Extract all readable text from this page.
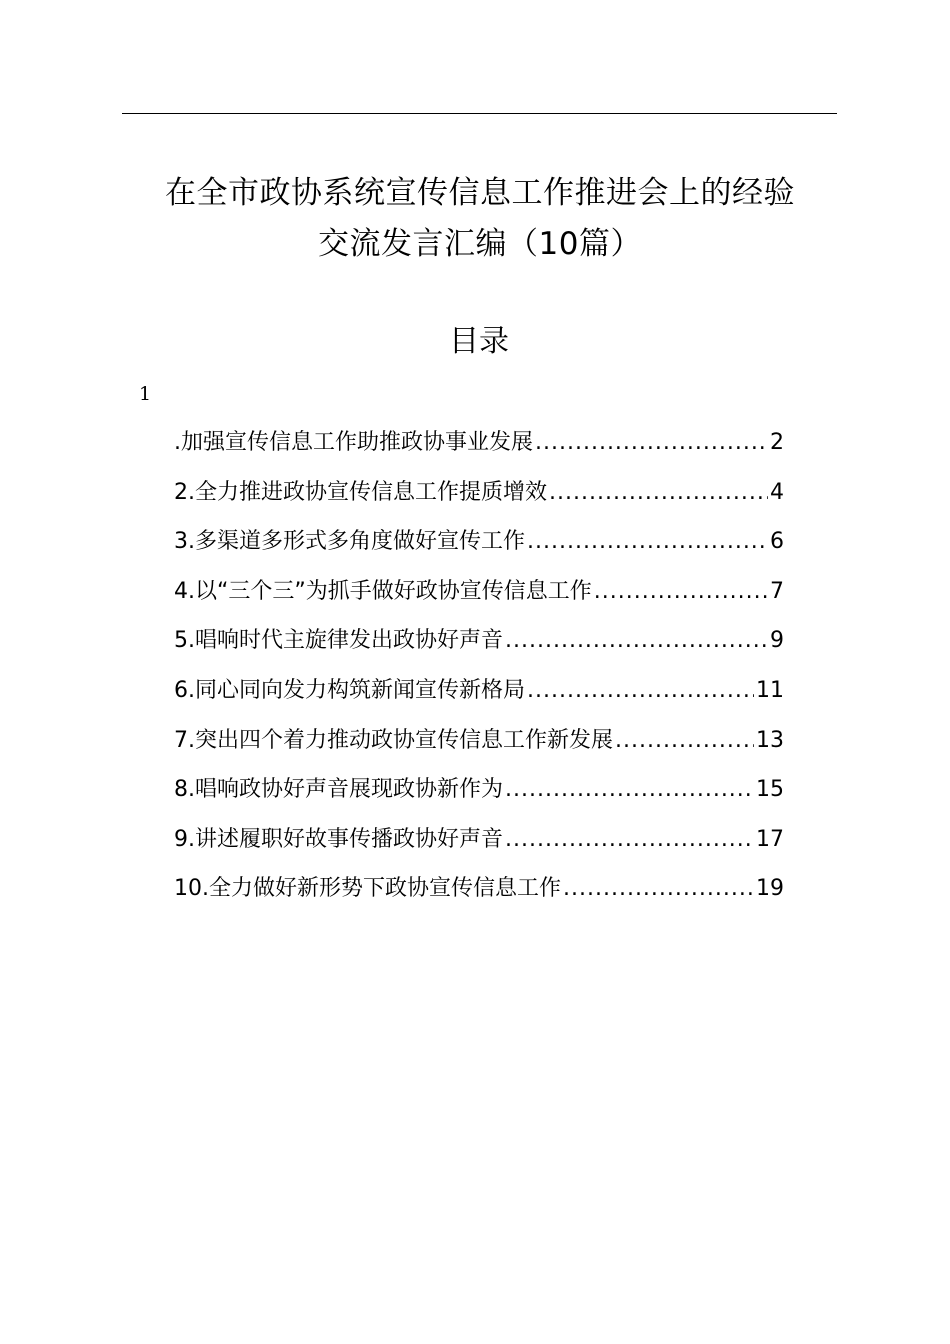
在全市政协系统宣传信息工作推进会上的经验
交流发言汇编（10篇）
目录
1
.加强宣传信息工作助推政协事业发展 .....	2
2.全力推进政协宣传信息工作提质增效 .....	4
3.多渠道多形式多角度做好宣传工作 .....	6
4.以“三个三”为抓手做好政协宣传信息工作 .....	7
5.唱响时代主旋律发出政协好声音 .....	9
6.同心同向发力构筑新闻宣传新格局 .....	11
7.突出四个着力推动政协宣传信息工作新发展 .....	13
8.唱响政协好声音展现政协新作为 .....	15
9.讲述履职好故事传播政协好声音 .....	17
10.全力做好新形势下政协宣传信息工作 .....	19
